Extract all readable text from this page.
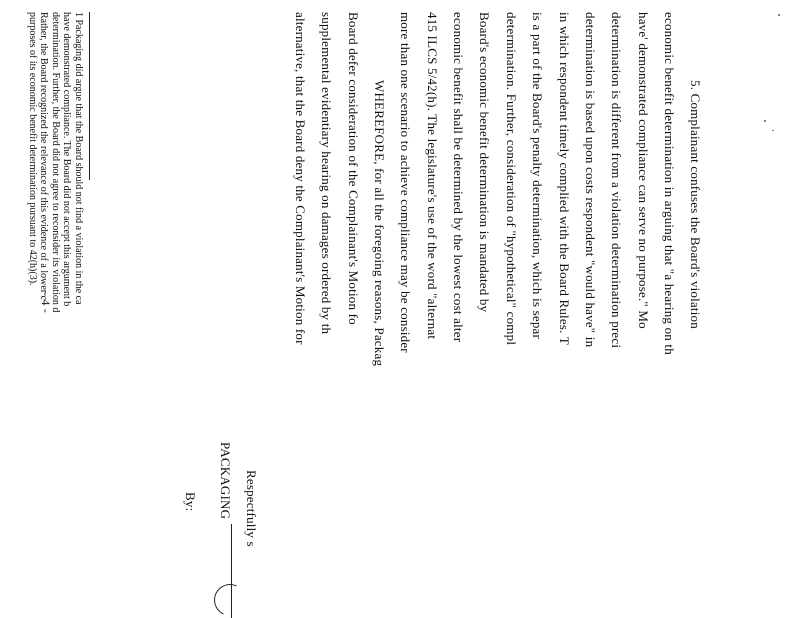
5. Complainant confuses the Board's violation

economic benefit determination in arguing that "a hearing on th

have' demonstrated compliance can serve no purpose." Mo

determination is different from a violation determination preci

determination is based upon costs respondent "would have" in

in which respondent timely complied with the Board Rules. T

is a part of the Board's penalty determination, which is separ

determination. Further, consideration of "hypothetical" compl

Board's economic benefit determination is mandated by

economic benefit shall be determined by the lowest cost alter

415 ILCS 5/42(h). The legislature's use of the word "alternat

more than one scenario to achieve compliance may be consider

WHEREFORE, for all the foregoing reasons, Packag

Board defer consideration of the Complainant's Motion fo

supplemental evidentiary hearing on damages ordered by th

alternative, that the Board deny the Complainant's Motion for

Respectfully s

PACKAGING

By:

1 Packaging did argue that the Board should not find a violation in the ca

have demonstrated compliance. The Board did not accept this argument b

determination. Further, the Board did not agree to reconsider its violation d

Rather, the Board recognized the relevance of this evidence of a lower c

purposes of its economic benefit determination pursuant to 42(h)(3).

- 4 -
